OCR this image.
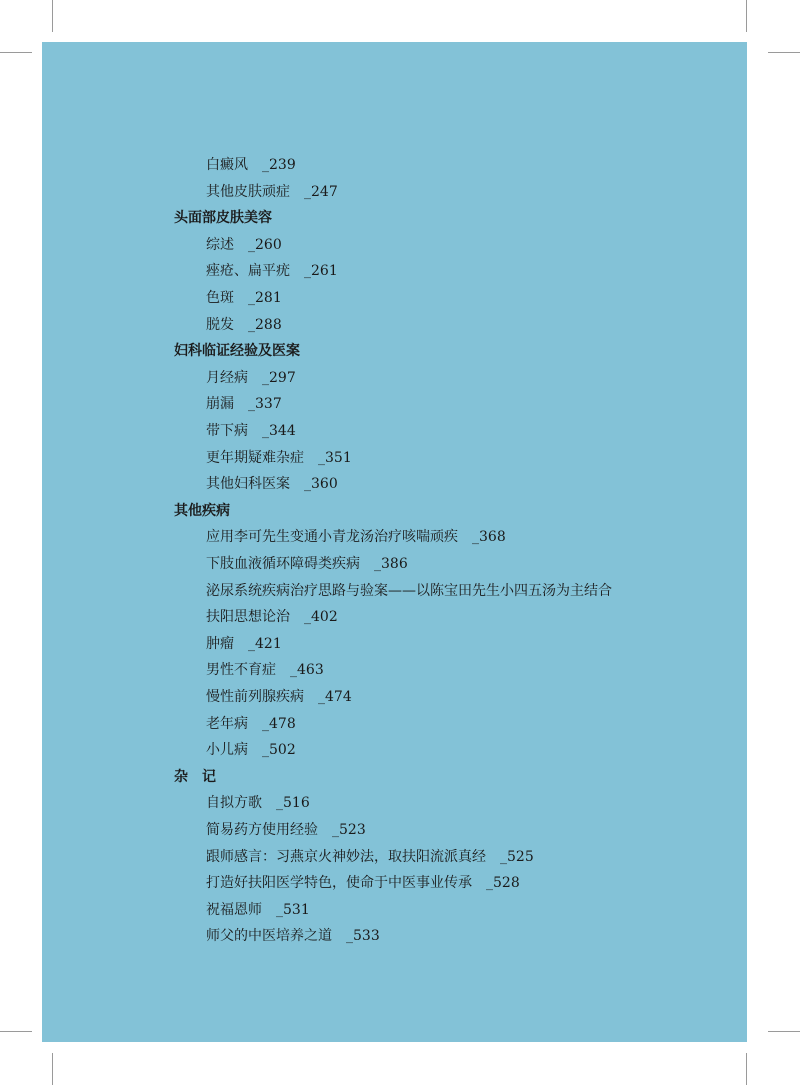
白癜风 _239
其他皮肤顽症 _247
头面部皮肤美容
综述 _260
痤疮、扁平疣 _261
色斑 _281
脱发 _288
妇科临证经验及医案
月经病 _297
崩漏 _337
带下病 _344
更年期疑难杂症 _351
其他妇科医案 _360
其他疾病
应用李可先生变通小青龙汤治疗咳喘顽疾 _368
下肢血液循环障碍类疾病 _386
泌尿系统疾病治疗思路与验案——以陈宝田先生小四五汤为主结合
扶阳思想论治 _402
肿瘤 _421
男性不育症 _463
慢性前列腺疾病 _474
老年病 _478
小儿病 _502
杂　记
自拟方歌 _516
简易药方使用经验 _523
跟师感言：习燕京火神妙法，取扶阳流派真经 _525
打造好扶阳医学特色，使命于中医事业传承 _528
祝福恩师 _531
师父的中医培养之道 _533
